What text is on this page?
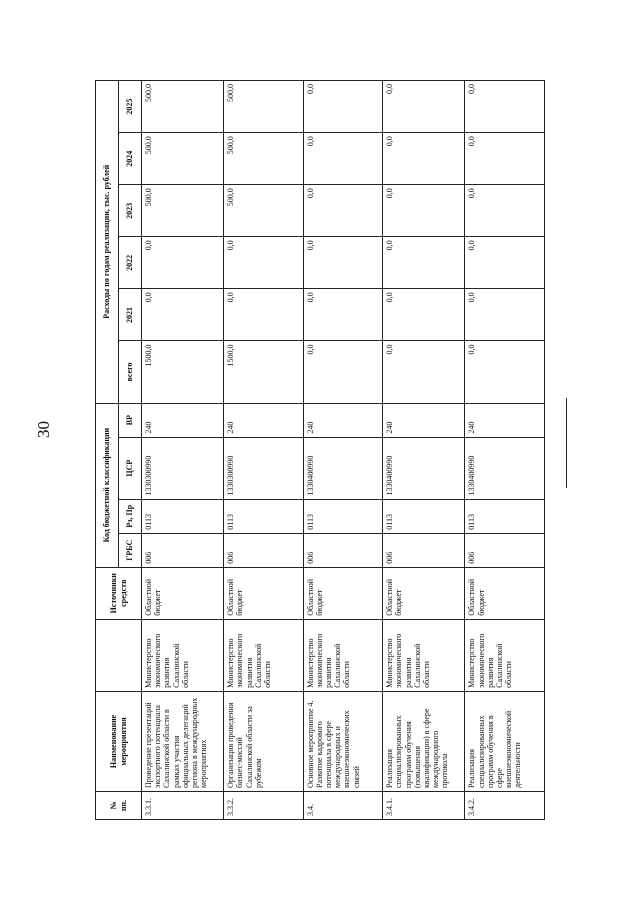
30
№ пп.	Наименование мероприятия		Источники средств	Код бюджетной классификации				Расходы по годам реализации, тыс. рублей					
				ГРБС	Рз, Пр	ЦСР	ВР	всего	2021	2022	2023	2024	2025
3.3.1.	Проведение презентаций экспортного потенциала Сахалинской области в рамках участия официальных делегаций региона в международных мероприятиях	Министерство экономического развития Сахалинской области	Областной бюджет	006	0113	1330300990	240	1500,0	0,0	0,0	500,0	500,0	500,0
3.3.2.	Организация проведения бизнес-миссий Сахалинской области за рубежом	Министерство экономического развития Сахалинской области	Областной бюджет	006	0113	1330300990	240	1500,0	0,0	0,0	500,0	500,0	500,0
3.4.	Основное мероприятие 4. Развитие кадрового потенциала в сфере международных и внешнеэкономических связей	Министерство экономического развития Сахалинской области	Областной бюджет	006	0113	1330400990	240	0,0	0,0	0,0	0,0	0,0	0,0
3.4.1.	Реализация специализированных программ обучения (повышения квалификации) в сфере международного протокола	Министерство экономического развития Сахалинской области	Областной бюджет	006	0113	1330400990	240	0,0	0,0	0,0	0,0	0,0	0,0
3.4.2.	Реализация специализированных программ обучения в сфере внешнеэкономической деятельности	Министерство экономического развития Сахалинской области	Областной бюджет	006	0113	1330400990	240	0,0	0,0	0,0	0,0	0,0	0,0
